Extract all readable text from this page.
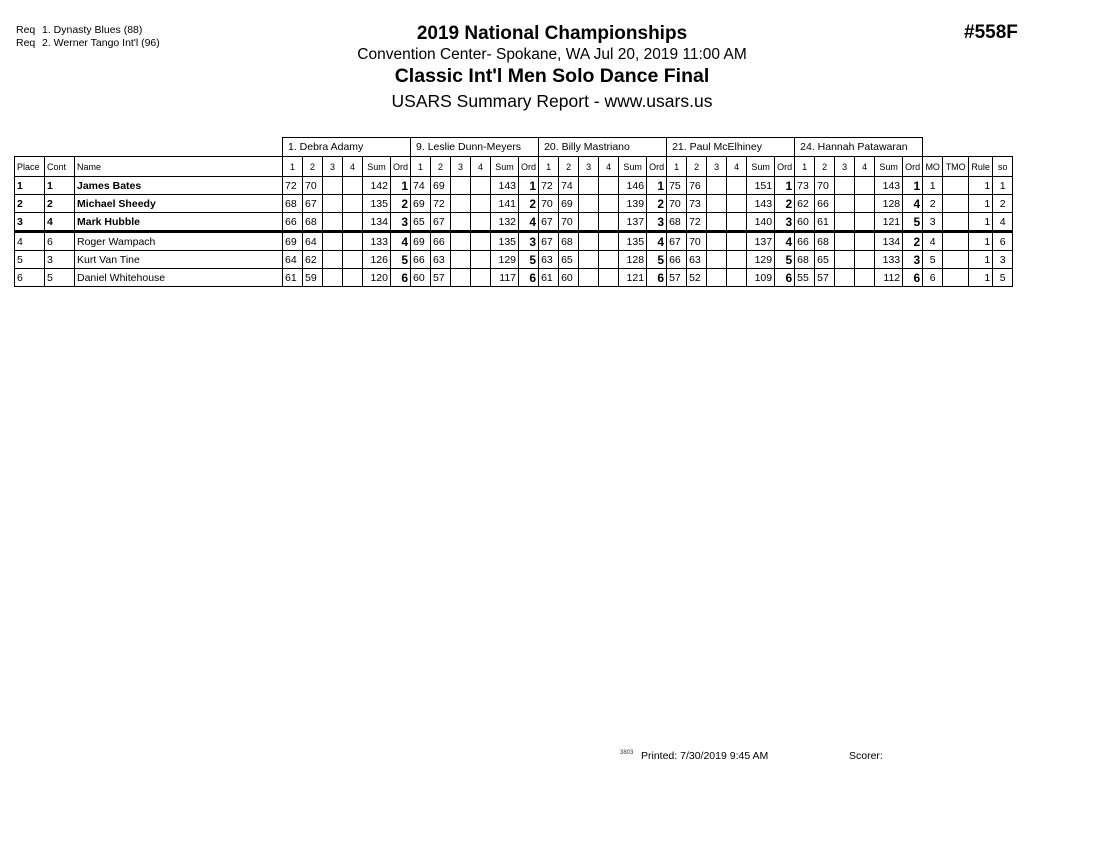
Req 1. Dynasty Blues (88)
Req 2. Werner Tango Int'l (96)	2019 National Championships
Convention Center- Spokane, WA Jul 20, 2019 11:00 AM
Classic Int'l Men Solo Dance Final
USARS Summary Report - www.usars.us
#558F
			1. Debra Adamy						9. Leslie Dunn-Meyers						20. Billy Mastriano						21. Paul McElhiney						24. Hannah Patawaran									
Place	Cont	Name	1	2	3	4	Sum	Ord	1	2	3	4	Sum	Ord	1	2	3	4	Sum	Ord	1	2	3	4	Sum	Ord	1	2	3	4	Sum	Ord	MO	TMO	Rule	so
1	1	James Bates	72	70			142	1	74	69			143	1	72	74			146	1	75	76			151	1	73	70			143	1	1		1	1
2	2	Michael Sheedy	68	67			135	2	69	72			141	2	70	69			139	2	70	73			143	2	62	66			128	4	2		1	2
3	4	Mark Hubble	66	68			134	3	65	67			132	4	67	70			137	3	68	72			140	3	60	61			121	5	3		1	4
4	6	Roger Wampach	69	64			133	4	69	66			135	3	67	68			135	4	67	70			137	4	66	68			134	2	4		1	6
5	3	Kurt Van Tine	64	62			126	5	66	63			129	5	63	65			128	5	66	63			129	5	68	65			133	3	5		1	3
6	5	Daniel Whitehouse	61	59			120	6	60	57			117	6	61	60			121	6	57	52			109	6	55	57			112	6	6		1	5
3803 Printed: 7/30/2019 9:45 AM	Scorer:
